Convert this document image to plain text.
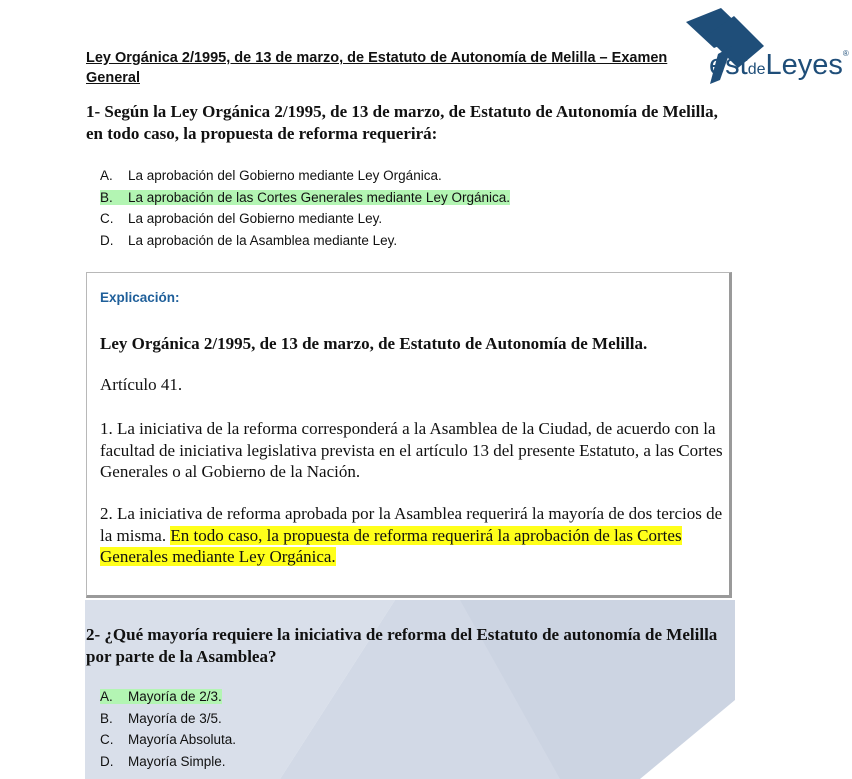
Ley Orgánica 2/1995, de 13 de marzo, de Estatuto de Autonomía de Melilla – Examen General	estdeLeyes®
1- Según la Ley Orgánica 2/1995, de 13 de marzo, de Estatuto de Autonomía de Melilla, en todo caso, la propuesta de reforma requerirá:
A. La aprobación del Gobierno mediante Ley Orgánica.
B. La aprobación de las Cortes Generales mediante Ley Orgánica.
C. La aprobación del Gobierno mediante Ley.
D. La aprobación de la Asamblea mediante Ley.
Explicación:
Ley Orgánica 2/1995, de 13 de marzo, de Estatuto de Autonomía de Melilla.
Artículo 41.
1. La iniciativa de la reforma corresponderá a la Asamblea de la Ciudad, de acuerdo con la facultad de iniciativa legislativa prevista en el artículo 13 del presente Estatuto, a las Cortes Generales o al Gobierno de la Nación.
2. La iniciativa de reforma aprobada por la Asamblea requerirá la mayoría de dos tercios de la misma. En todo caso, la propuesta de reforma requerirá la aprobación de las Cortes Generales mediante Ley Orgánica.
2- ¿Qué mayoría requiere la iniciativa de reforma del Estatuto de autonomía de Melilla por parte de la Asamblea?
A. Mayoría de 2/3.
B. Mayoría de 3/5.
C. Mayoría Absoluta.
D. Mayoría Simple.
